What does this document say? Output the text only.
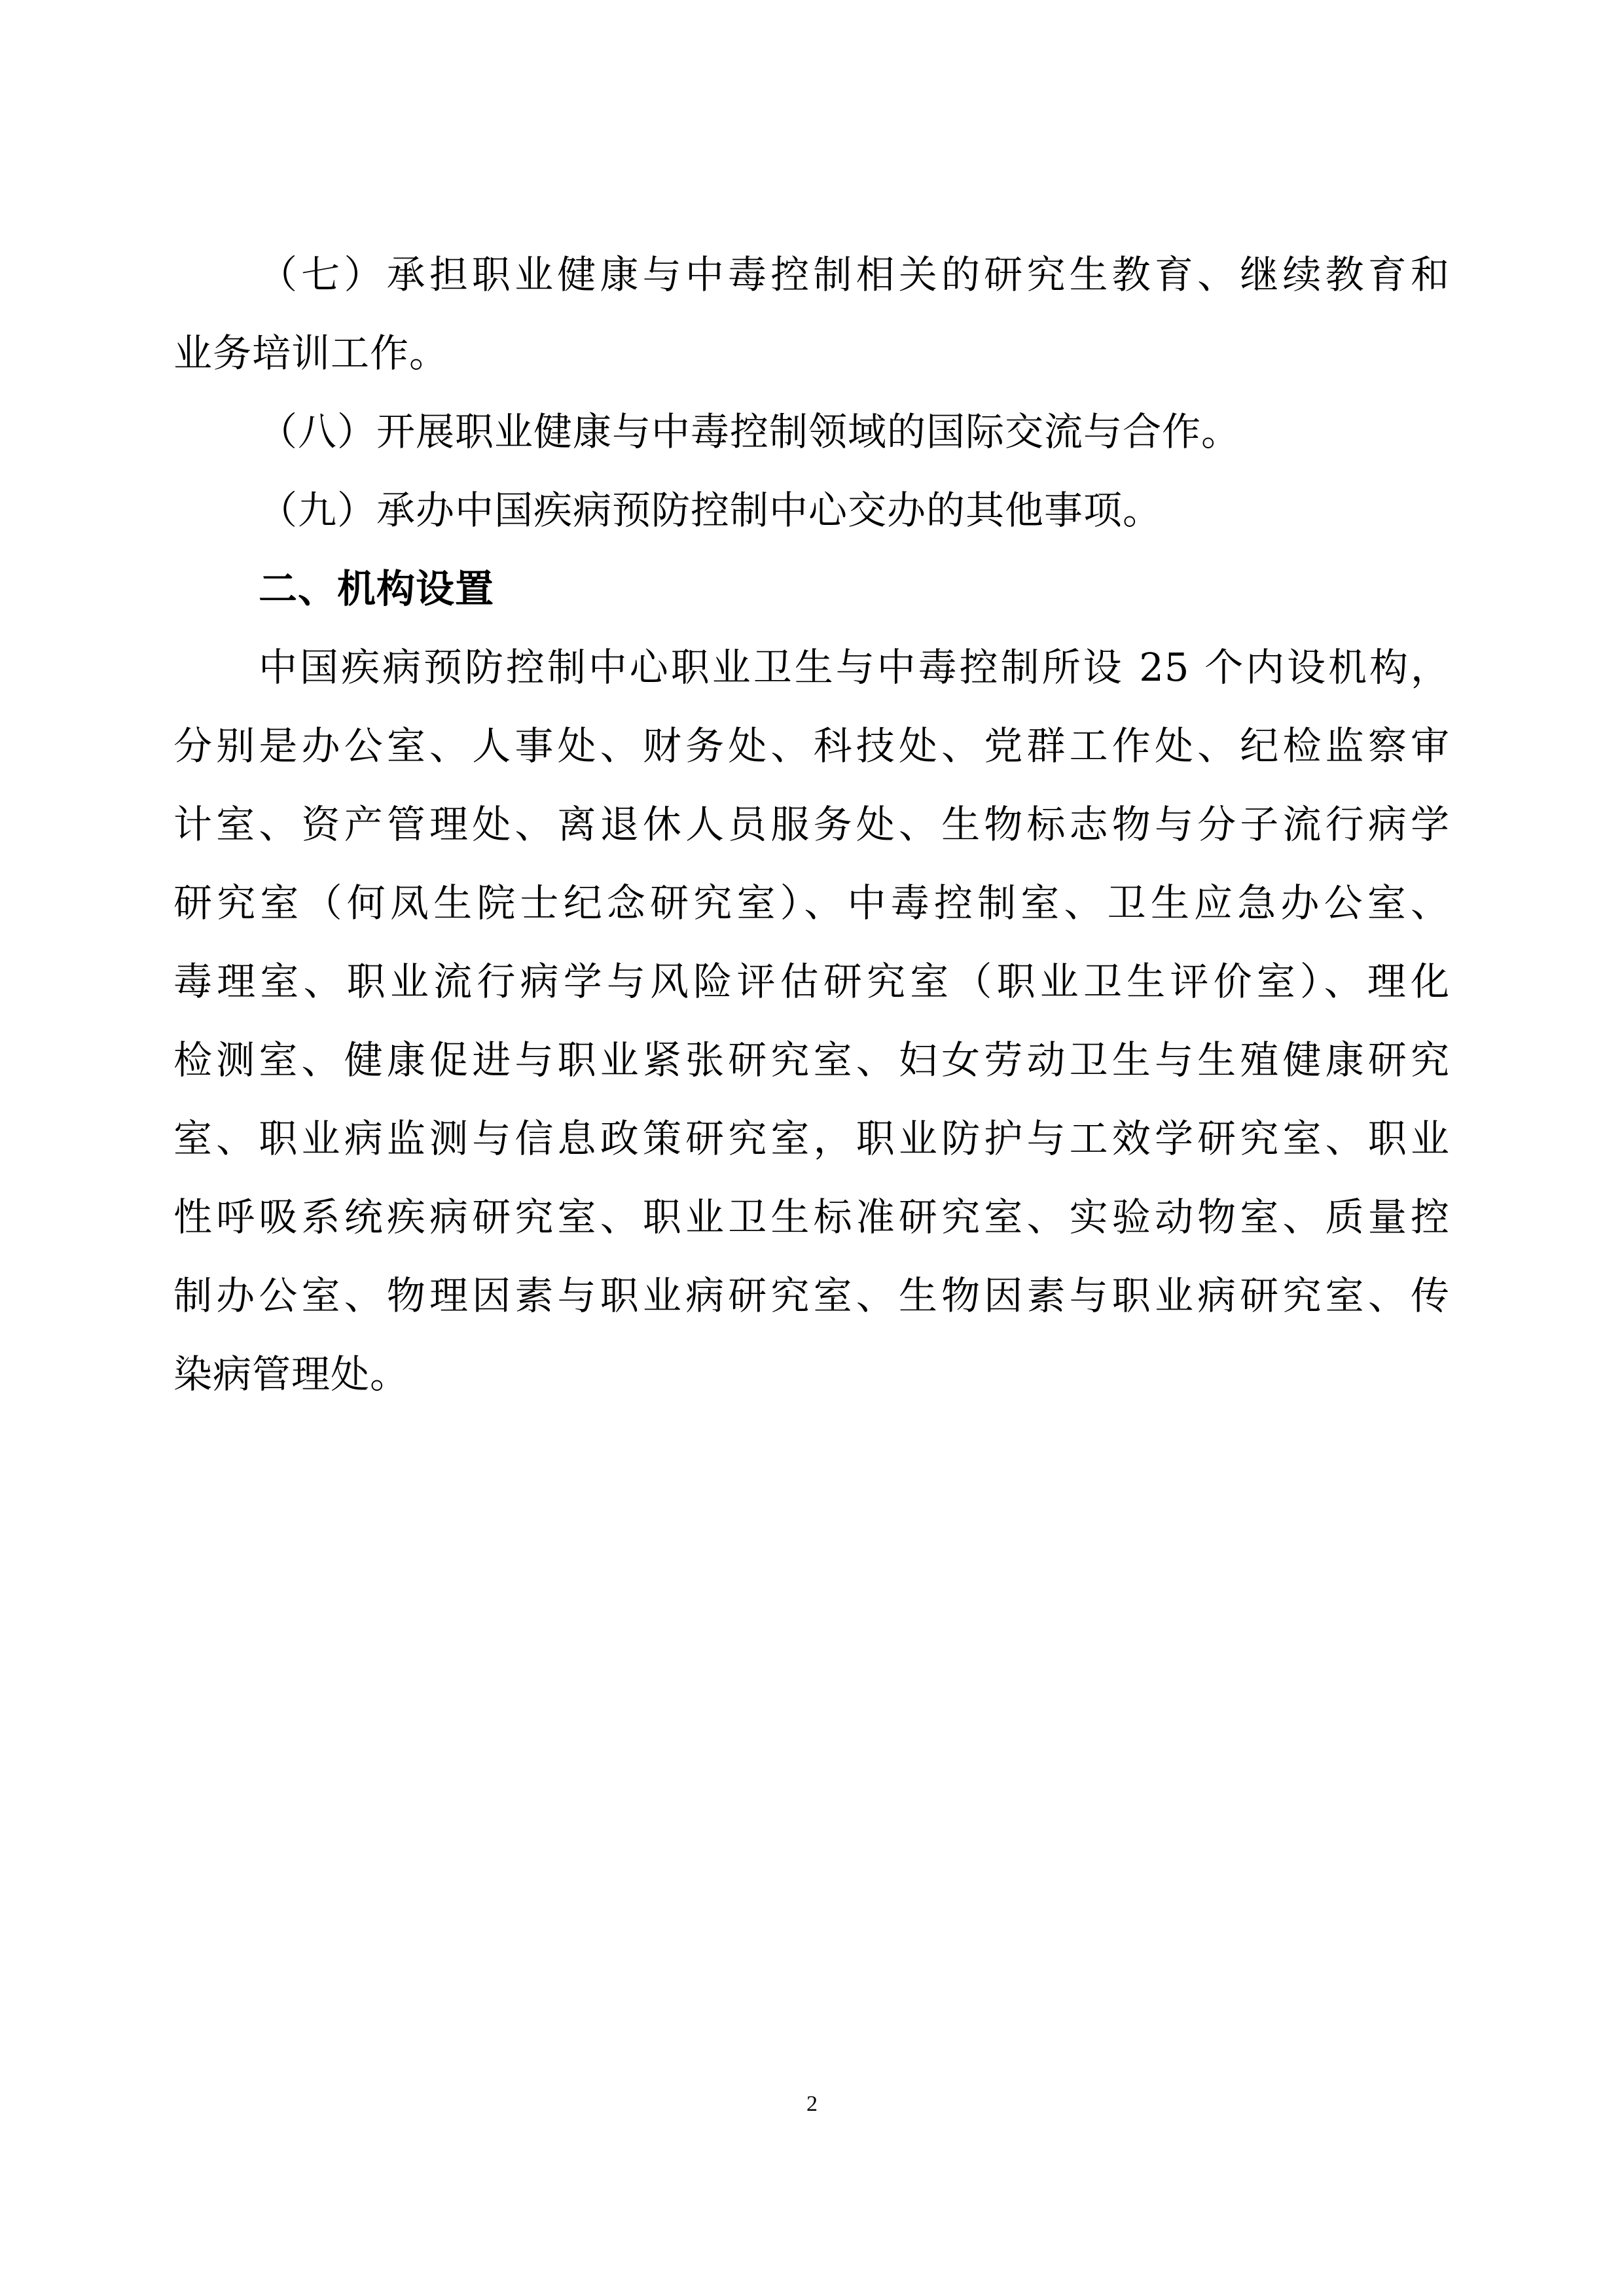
（七）承担职业健康与中毒控制相关的研究生教育、继续教育和
业务培训工作。
（八）开展职业健康与中毒控制领域的国际交流与合作。
（九）承办中国疾病预防控制中心交办的其他事项。
二、机构设置
中国疾病预防控制中心职业卫生与中毒控制所设 25 个内设机构，
分别是办公室、人事处、财务处、科技处、党群工作处、纪检监察审
计室、资产管理处、离退休人员服务处、生物标志物与分子流行病学
研究室（何凤生院士纪念研究室）、中毒控制室、卫生应急办公室、
毒理室、职业流行病学与风险评估研究室（职业卫生评价室）、理化
检测室、健康促进与职业紧张研究室、妇女劳动卫生与生殖健康研究
室、职业病监测与信息政策研究室，职业防护与工效学研究室、职业
性呼吸系统疾病研究室、职业卫生标准研究室、实验动物室、质量控
制办公室、物理因素与职业病研究室、生物因素与职业病研究室、传
染病管理处。
2
